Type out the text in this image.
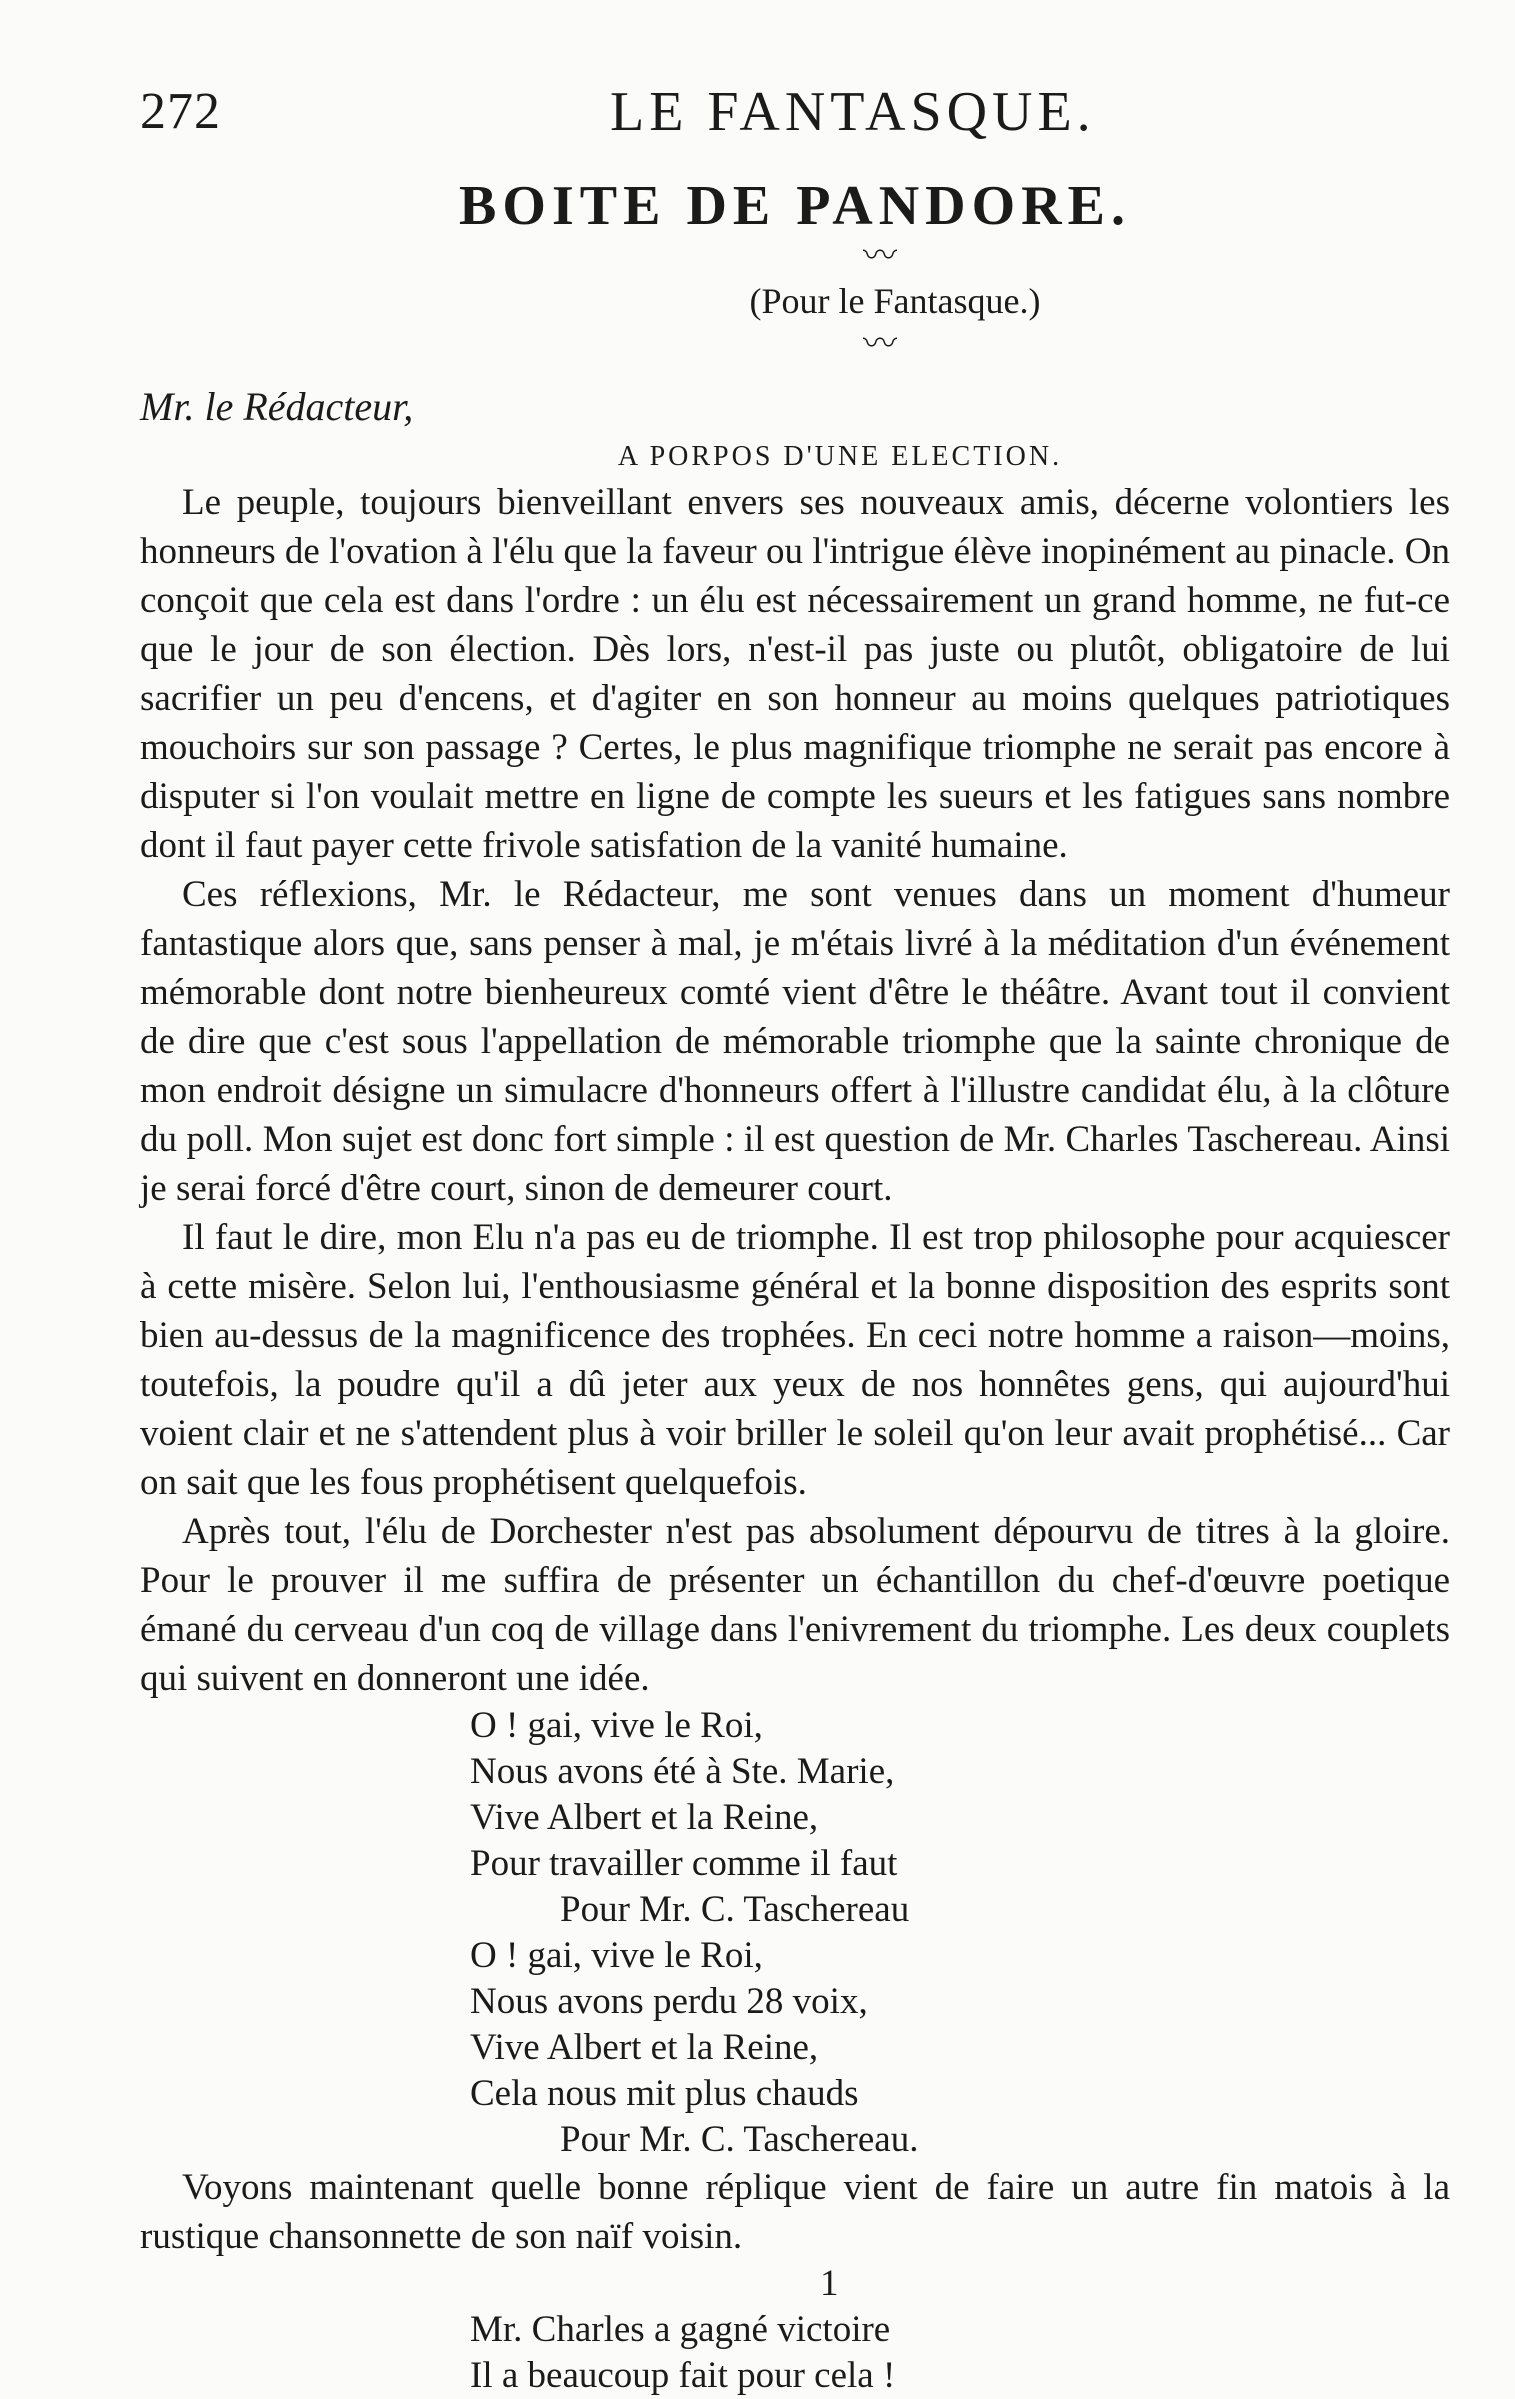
272	LE FANTASQUE.
BOITE DE PANDORE.
〰
(Pour le Fantasque.)
〰
Mr. le Rédacteur,
A PORPOS D'UNE ELECTION.

Le peuple, toujours bienveillant envers ses nouveaux amis, décerne volontiers les honneurs de l'ovation à l'élu que la faveur ou l'intrigue élève inopinément au pinacle. On conçoit que cela est dans l'ordre : un élu est nécessairement un grand homme, ne fut-ce que le jour de son élection. Dès lors, n'est-il pas juste ou plutôt, obligatoire de lui sacrifier un peu d'encens, et d'agiter en son honneur au moins quelques patriotiques mouchoirs sur son passage ? Certes, le plus magnifique triomphe ne serait pas encore à disputer si l'on voulait mettre en ligne de compte les sueurs et les fatigues sans nombre dont il faut payer cette frivole satisfation de la vanité humaine.

Ces réflexions, Mr. le Rédacteur, me sont venues dans un moment d'humeur fantastique alors que, sans penser à mal, je m'étais livré à la méditation d'un événement mémorable dont notre bienheureux comté vient d'être le théâtre. Avant tout il convient de dire que c'est sous l'appellation de mémorable triomphe que la sainte chronique de mon endroit désigne un simulacre d'honneurs offert à l'illustre candidat élu, à la clôture du poll. Mon sujet est donc fort simple : il est question de Mr. Charles Taschereau. Ainsi je serai forcé d'être court, sinon de demeurer court.

Il faut le dire, mon Elu n'a pas eu de triomphe. Il est trop philosophe pour acquiescer à cette misère. Selon lui, l'enthousiasme général et la bonne disposition des esprits sont bien au-dessus de la magnificence des trophées. En ceci notre homme a raison—moins, toutefois, la poudre qu'il a dû jeter aux yeux de nos honnêtes gens, qui aujourd'hui voient clair et ne s'attendent plus à voir briller le soleil qu'on leur avait prophétisé... Car on sait que les fous prophétisent quelquefois.

Après tout, l'élu de Dorchester n'est pas absolument dépourvu de titres à la gloire. Pour le prouver il me suffira de présenter un échantillon du chef-d'œuvre poetique émané du cerveau d'un coq de village dans l'enivrement du triomphe. Les deux couplets qui suivent en donneront une idée.

O ! gai, vive le Roi,
Nous avons été à Ste. Marie,
Vive Albert et la Reine,
Pour travailler comme il faut
Pour Mr. C. Taschereau
O ! gai, vive le Roi,
Nous avons perdu 28 voix,
Vive Albert et la Reine,
Cela nous mit plus chauds
Pour Mr. C. Taschereau.

Voyons maintenant quelle bonne réplique vient de faire un autre fin matois à la rustique chansonnette de son naïf voisin.

1
Mr. Charles a gagné victoire
Il a beaucoup fait pour cela !
